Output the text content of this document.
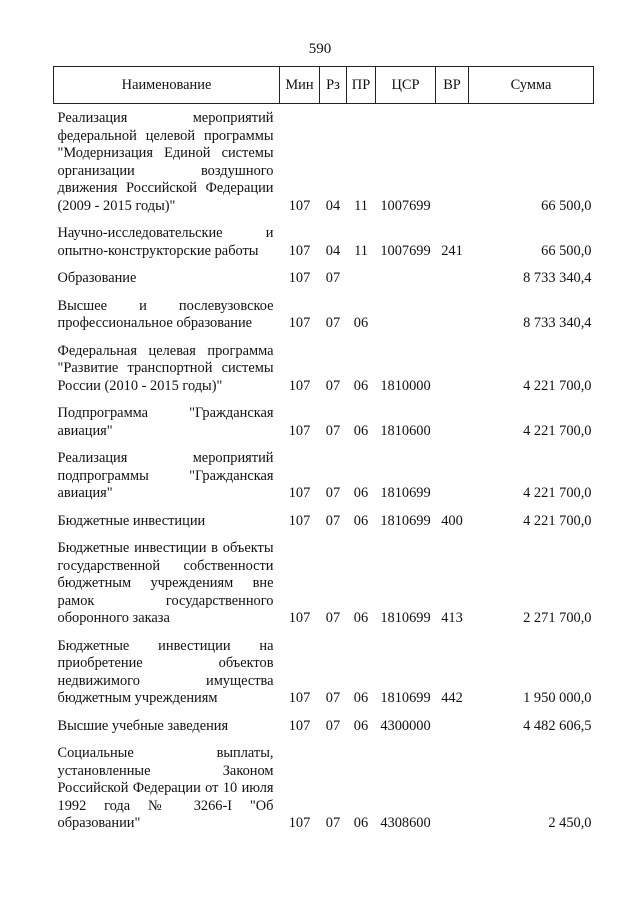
590
Наименование	Мин	Рз	ПР	ЦСР	ВР	Сумма
Реализация мероприятий федеральной целевой программы "Модернизация Единой системы организации воздушного движения Российской Федерации (2009 - 2015 годы)"	107	04	11	1007699		66 500,0
Научно-исследовательские и опытно-конструкторские работы	107	04	11	1007699	241	66 500,0
Образование	107	07				8 733 340,4
Высшее и послевузовское профессиональное образование	107	07	06			8 733 340,4
Федеральная целевая программа "Развитие транспортной системы России (2010 - 2015 годы)"	107	07	06	1810000		4 221 700,0
Подпрограмма "Гражданская авиация"	107	07	06	1810600		4 221 700,0
Реализация мероприятий подпрограммы "Гражданская авиация"	107	07	06	1810699		4 221 700,0
Бюджетные инвестиции	107	07	06	1810699	400	4 221 700,0
Бюджетные инвестиции в объекты государственной собственности бюджетным учреждениям вне рамок государственного оборонного заказа	107	07	06	1810699	413	2 271 700,0
Бюджетные инвестиции на приобретение объектов недвижимого имущества бюджетным учреждениям	107	07	06	1810699	442	1 950 000,0
Высшие учебные заведения	107	07	06	4300000		4 482 606,5
Социальные выплаты, установленные Законом Российской Федерации от 10 июля 1992 года № 3266-I "Об образовании"	107	07	06	4308600		2 450,0
